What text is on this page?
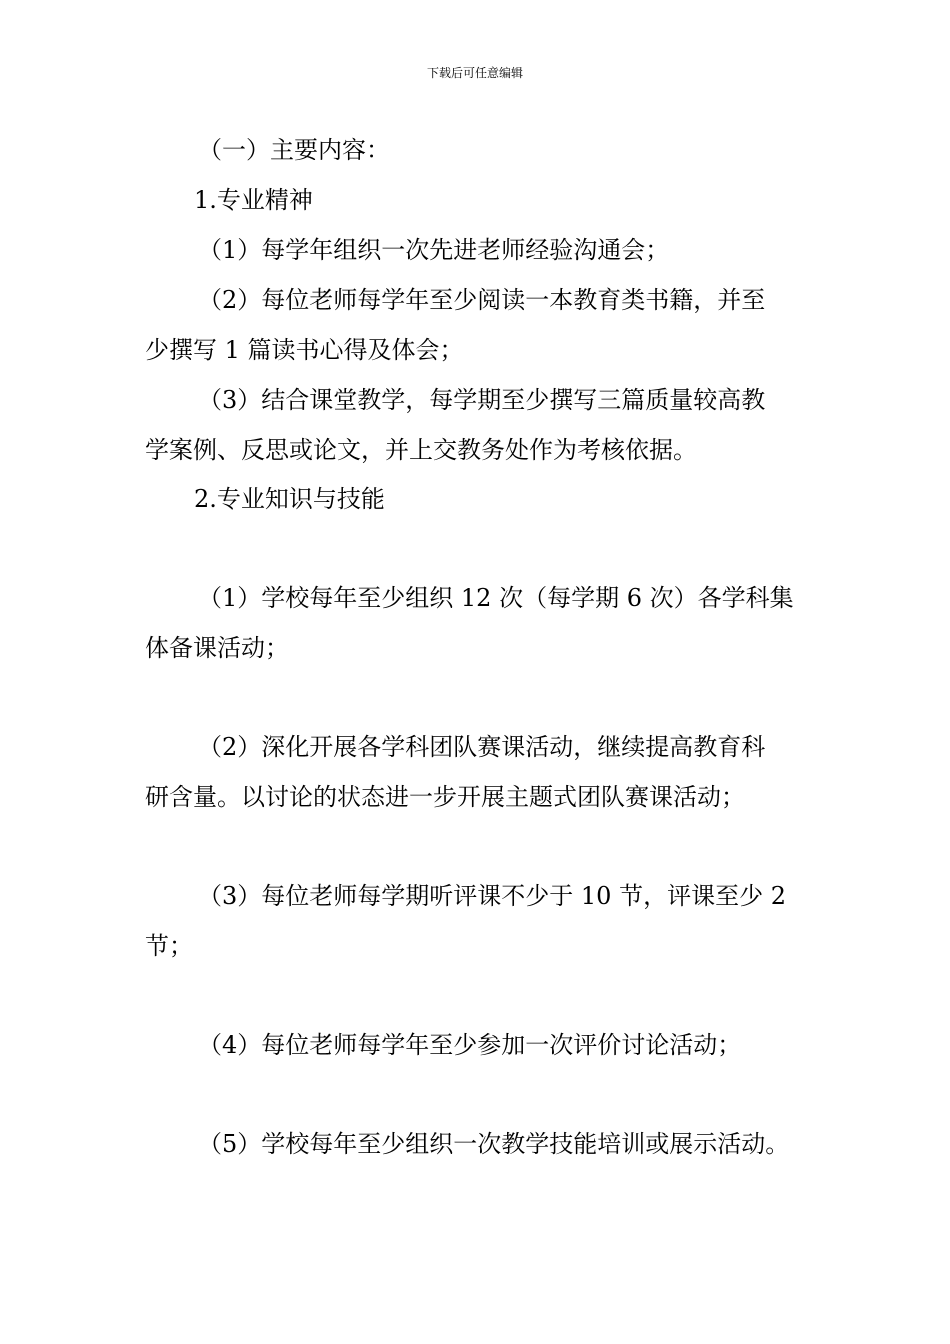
下载后可任意编辑
（一）主要内容：
1.专业精神
（1）每学年组织一次先进老师经验沟通会；
（2）每位老师每学年至少阅读一本教育类书籍，并至
少撰写 1 篇读书心得及体会；
（3）结合课堂教学，每学期至少撰写三篇质量较高教
学案例、反思或论文，并上交教务处作为考核依据。
2.专业知识与技能
（1）学校每年至少组织 12 次（每学期 6 次）各学科集
体备课活动；
（2）深化开展各学科团队赛课活动，继续提高教育科
研含量。以讨论的状态进一步开展主题式团队赛课活动；
（3）每位老师每学期听评课不少于 10 节，评课至少 2
节；
（4）每位老师每学年至少参加一次评价讨论活动；
（5）学校每年至少组织一次教学技能培训或展示活动。
